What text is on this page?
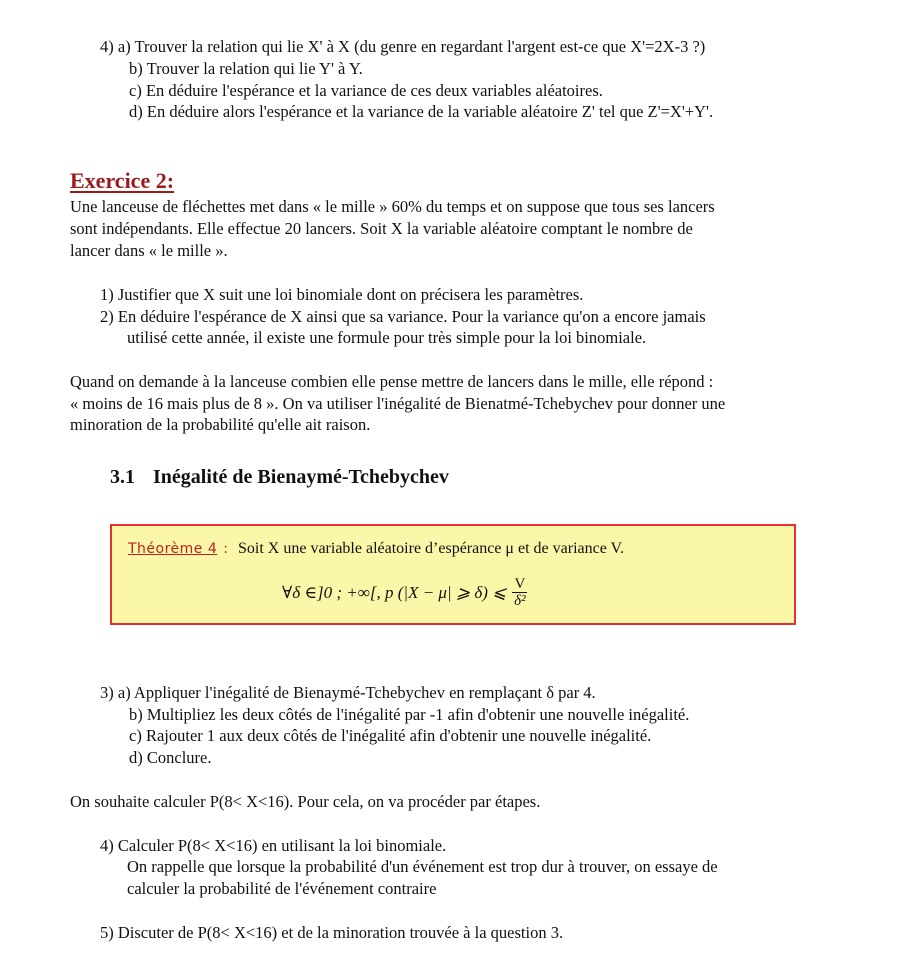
4) a) Trouver la relation qui lie X' à X (du genre en regardant l'argent est-ce que X'=2X-3 ?)
b) Trouver la relation qui lie Y' à Y.
c) En déduire l'espérance et la variance de ces deux variables aléatoires.
d) En déduire alors l'espérance et la variance de la variable aléatoire Z' tel que Z'=X'+Y'.
Exercice 2:
Une lanceuse de fléchettes met dans « le mille » 60% du temps et on suppose que tous ses lancers
sont indépendants. Elle effectue 20 lancers. Soit X la variable aléatoire comptant le nombre de
lancer dans « le mille ».
1) Justifier que X suit une loi binomiale dont on précisera les paramètres.
2) En déduire l'espérance de X ainsi que sa variance. Pour la variance qu'on a encore jamais
utilisé cette année, il existe une formule pour très simple pour la loi binomiale.
Quand on demande à la lanceuse combien elle pense mettre de lancers dans le mille, elle répond :
« moins de 16 mais plus de 8 ». On va utiliser l'inégalité de Bienatmé-Tchebychev pour donner une
minoration de la probabilité qu'elle ait raison.
3.1 Inégalité de Bienaymé-Tchebychev
Théorème 4 : Soit X une variable aléatoire d’espérance μ et de variance V.
∀δ ∈]0 ; +∞[, p (|X − μ| ⩾ δ) ⩽ $\frac{V}{\text{δ²}}$
3) a) Appliquer l'inégalité de Bienaymé-Tchebychev en remplaçant δ par 4.
b) Multipliez les deux côtés de l'inégalité par -1 afin d'obtenir une nouvelle inégalité.
c) Rajouter 1 aux deux côtés de l'inégalité afin d'obtenir une nouvelle inégalité.
d) Conclure.
On souhaite calculer P(8< X<16). Pour cela, on va procéder par étapes.
4) Calculer P(8< X<16) en utilisant la loi binomiale.
On rappelle que lorsque la probabilité d'un événement est trop dur à trouver, on essaye de
calculer la probabilité de l'événement contraire
5) Discuter de P(8< X<16) et de la minoration trouvée à la question 3.
